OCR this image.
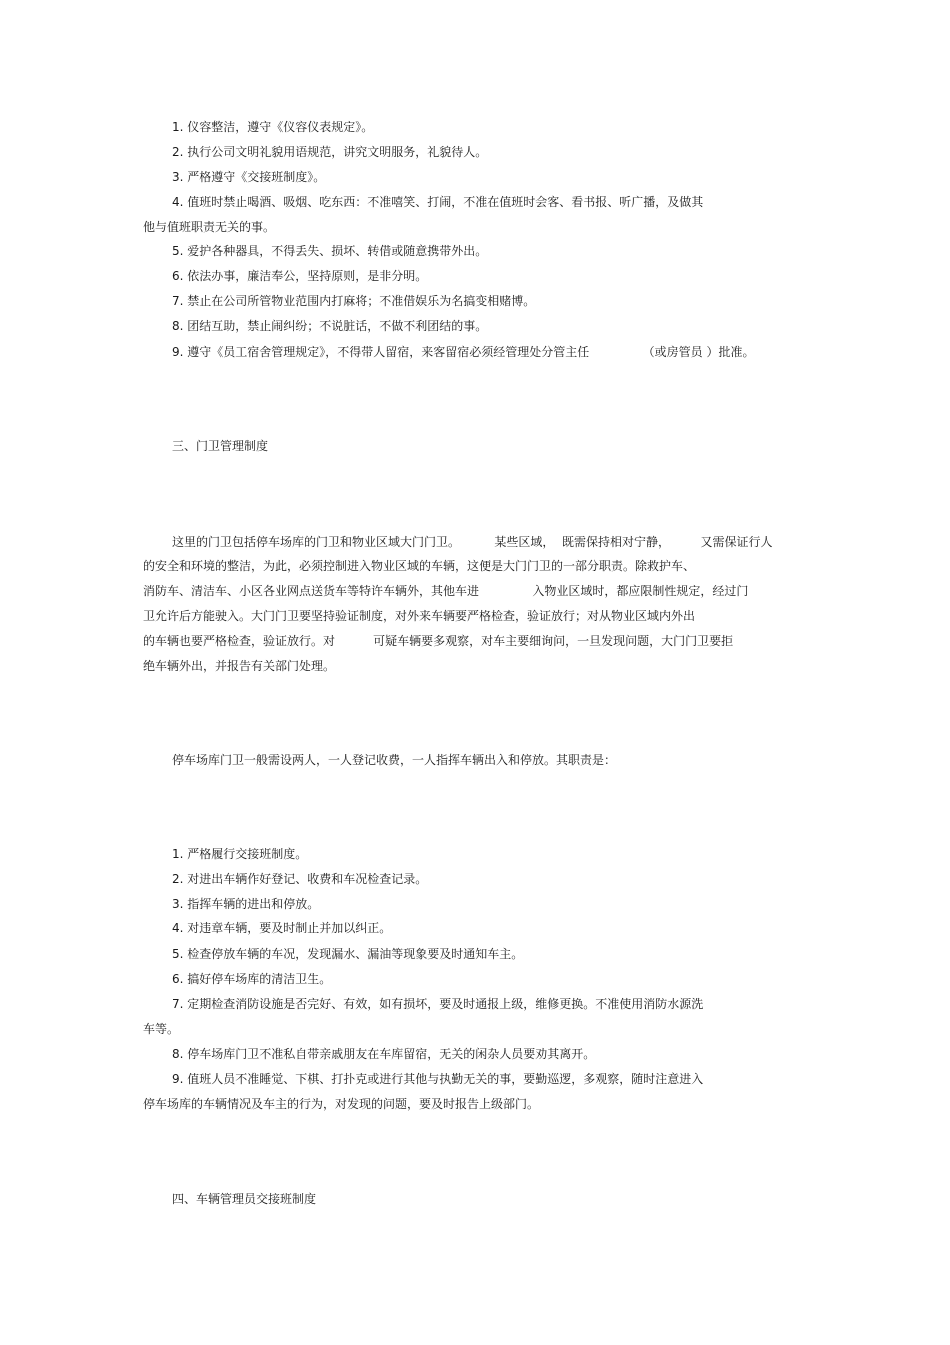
1. 仪容整洁，遵守《仪容仪表规定》。
2. 执行公司文明礼貌用语规范，讲究文明服务，礼貌待人。
3. 严格遵守《交接班制度》。
4. 值班时禁止喝酒、吸烟、吃东西：不准嘻笑、打闹，不准在值班时会客、看书报、听广播，及做其
他与值班职责无关的事。
5. 爱护各种器具，不得丢失、损坏、转借或随意携带外出。
6. 依法办事，廉洁奉公，坚持原则，是非分明。
7. 禁止在公司所管物业范围内打麻将；不准借娱乐为名搞变相赌博。
8. 团结互助，禁止闹纠纷；不说脏话，不做不利团结的事。
9. 遵守《员工宿舍管理规定》，不得带人留宿，来客留宿必须经管理处分管主任              （或房管员 ）批准。
三、门卫管理制度
这里的门卫包括停车场库的门卫和物业区域大门门卫。         某些区域，  既需保持相对宁静，        又需保证行人
的安全和环境的整洁，为此，必须控制进入物业区域的车辆，这便是大门门卫的一部分职责。除救护车、
消防车、清洁车、小区各业网点送货车等特许车辆外，其他车进              入物业区域时，都应限制性规定，经过门
卫允许后方能驶入。大门门卫要坚持验证制度，对外来车辆要严格检查，验证放行；对从物业区域内外出
的车辆也要严格检查，验证放行。对          可疑车辆要多观察，对车主要细询问，一旦发现问题，大门门卫要拒
绝车辆外出，并报告有关部门处理。
停车场库门卫一般需设两人，一人登记收费，一人指挥车辆出入和停放。其职责是：
1. 严格履行交接班制度。
2. 对进出车辆作好登记、收费和车况检查记录。
3. 指挥车辆的进出和停放。
4. 对违章车辆，要及时制止并加以纠正。
5. 检查停放车辆的车况，发现漏水、漏油等现象要及时通知车主。
6. 搞好停车场库的清洁卫生。
7. 定期检查消防设施是否完好、有效，如有损坏，要及时通报上级，维修更换。不准使用消防水源洗
车等。
8. 停车场库门卫不准私自带亲戚朋友在车库留宿，无关的闲杂人员要劝其离开。
9. 值班人员不准睡觉、下棋、打扑克或进行其他与执勤无关的事，要勤巡逻，多观察，随时注意进入
停车场库的车辆情况及车主的行为，对发现的问题，要及时报告上级部门。
四、车辆管理员交接班制度
